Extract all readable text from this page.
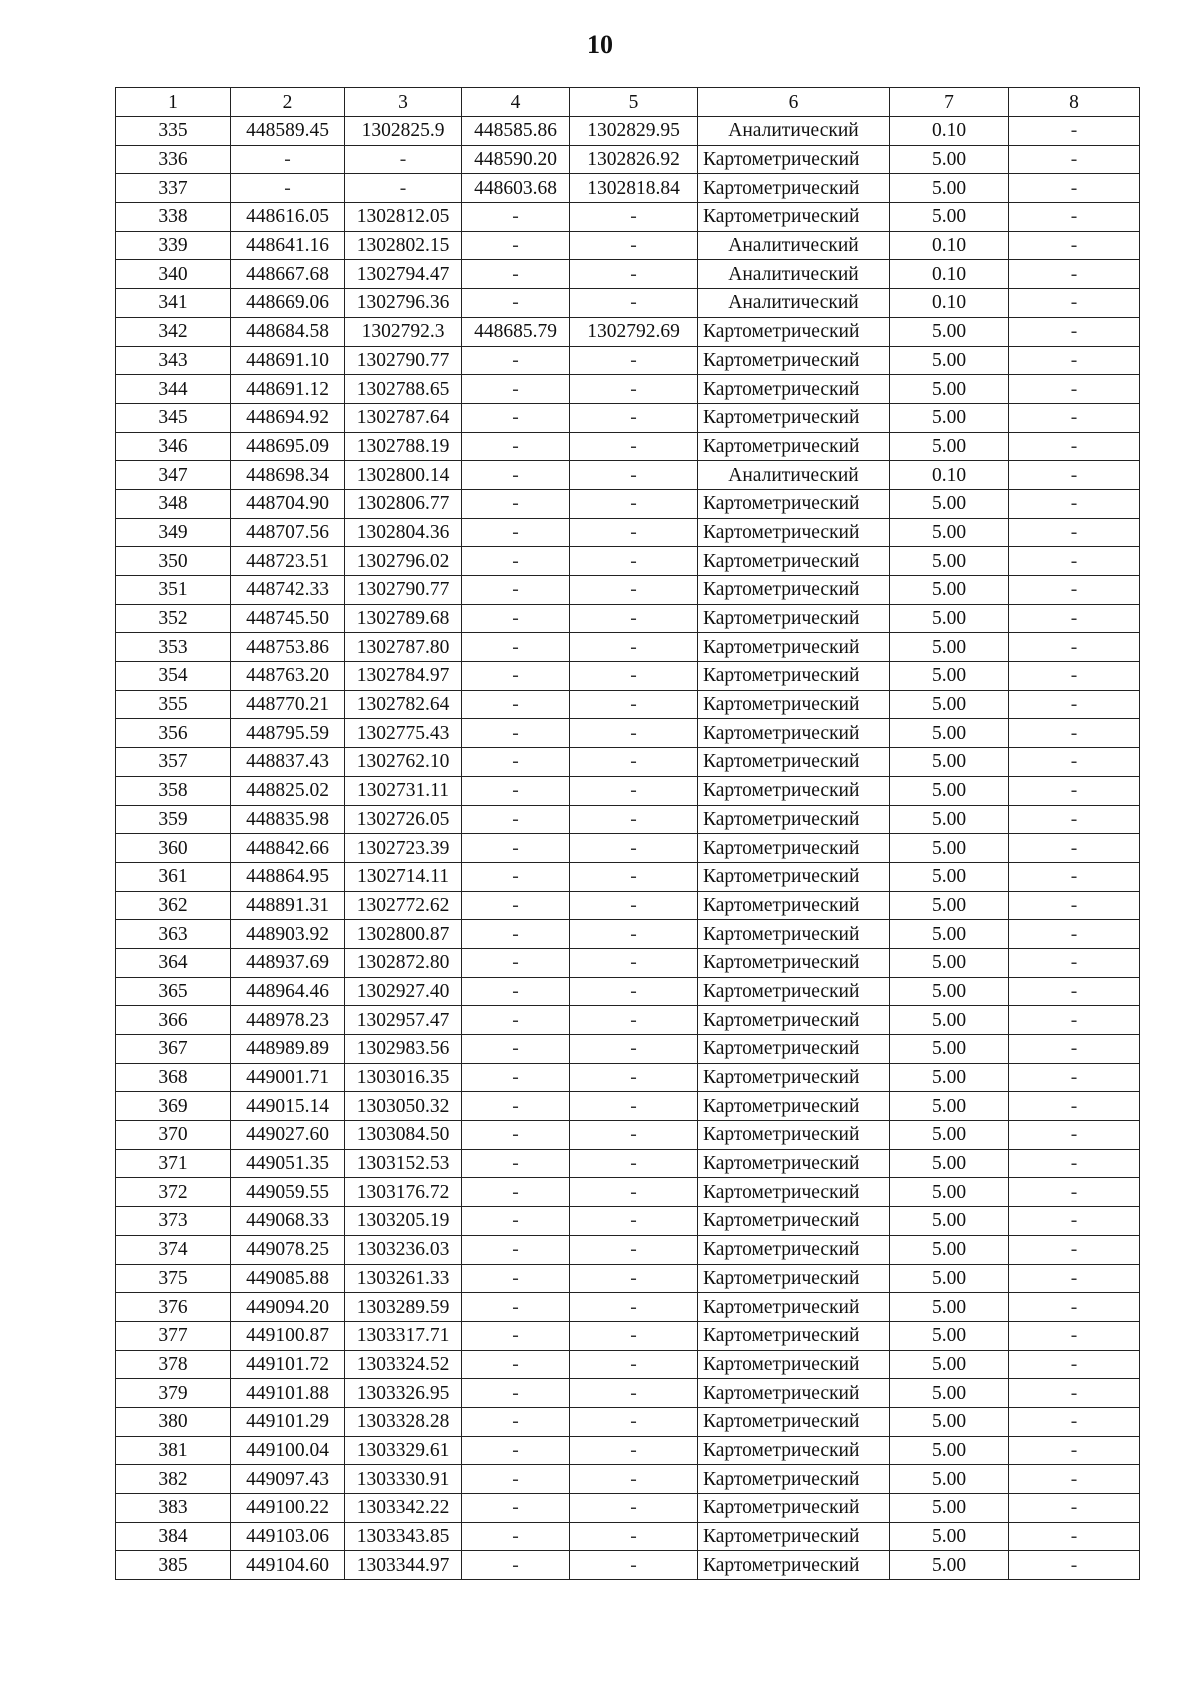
10
1	2	3	4	5	6	7	8
335	448589.45	1302825.9	448585.86	1302829.95	Аналитический	0.10	-
336	-	-	448590.20	1302826.92	Картометрический	5.00	-
337	-	-	448603.68	1302818.84	Картометрический	5.00	-
338	448616.05	1302812.05	-	-	Картометрический	5.00	-
339	448641.16	1302802.15	-	-	Аналитический	0.10	-
340	448667.68	1302794.47	-	-	Аналитический	0.10	-
341	448669.06	1302796.36	-	-	Аналитический	0.10	-
342	448684.58	1302792.3	448685.79	1302792.69	Картометрический	5.00	-
343	448691.10	1302790.77	-	-	Картометрический	5.00	-
344	448691.12	1302788.65	-	-	Картометрический	5.00	-
345	448694.92	1302787.64	-	-	Картометрический	5.00	-
346	448695.09	1302788.19	-	-	Картометрический	5.00	-
347	448698.34	1302800.14	-	-	Аналитический	0.10	-
348	448704.90	1302806.77	-	-	Картометрический	5.00	-
349	448707.56	1302804.36	-	-	Картометрический	5.00	-
350	448723.51	1302796.02	-	-	Картометрический	5.00	-
351	448742.33	1302790.77	-	-	Картометрический	5.00	-
352	448745.50	1302789.68	-	-	Картометрический	5.00	-
353	448753.86	1302787.80	-	-	Картометрический	5.00	-
354	448763.20	1302784.97	-	-	Картометрический	5.00	-
355	448770.21	1302782.64	-	-	Картометрический	5.00	-
356	448795.59	1302775.43	-	-	Картометрический	5.00	-
357	448837.43	1302762.10	-	-	Картометрический	5.00	-
358	448825.02	1302731.11	-	-	Картометрический	5.00	-
359	448835.98	1302726.05	-	-	Картометрический	5.00	-
360	448842.66	1302723.39	-	-	Картометрический	5.00	-
361	448864.95	1302714.11	-	-	Картометрический	5.00	-
362	448891.31	1302772.62	-	-	Картометрический	5.00	-
363	448903.92	1302800.87	-	-	Картометрический	5.00	-
364	448937.69	1302872.80	-	-	Картометрический	5.00	-
365	448964.46	1302927.40	-	-	Картометрический	5.00	-
366	448978.23	1302957.47	-	-	Картометрический	5.00	-
367	448989.89	1302983.56	-	-	Картометрический	5.00	-
368	449001.71	1303016.35	-	-	Картометрический	5.00	-
369	449015.14	1303050.32	-	-	Картометрический	5.00	-
370	449027.60	1303084.50	-	-	Картометрический	5.00	-
371	449051.35	1303152.53	-	-	Картометрический	5.00	-
372	449059.55	1303176.72	-	-	Картометрический	5.00	-
373	449068.33	1303205.19	-	-	Картометрический	5.00	-
374	449078.25	1303236.03	-	-	Картометрический	5.00	-
375	449085.88	1303261.33	-	-	Картометрический	5.00	-
376	449094.20	1303289.59	-	-	Картометрический	5.00	-
377	449100.87	1303317.71	-	-	Картометрический	5.00	-
378	449101.72	1303324.52	-	-	Картометрический	5.00	-
379	449101.88	1303326.95	-	-	Картометрический	5.00	-
380	449101.29	1303328.28	-	-	Картометрический	5.00	-
381	449100.04	1303329.61	-	-	Картометрический	5.00	-
382	449097.43	1303330.91	-	-	Картометрический	5.00	-
383	449100.22	1303342.22	-	-	Картометрический	5.00	-
384	449103.06	1303343.85	-	-	Картометрический	5.00	-
385	449104.60	1303344.97	-	-	Картометрический	5.00	-
